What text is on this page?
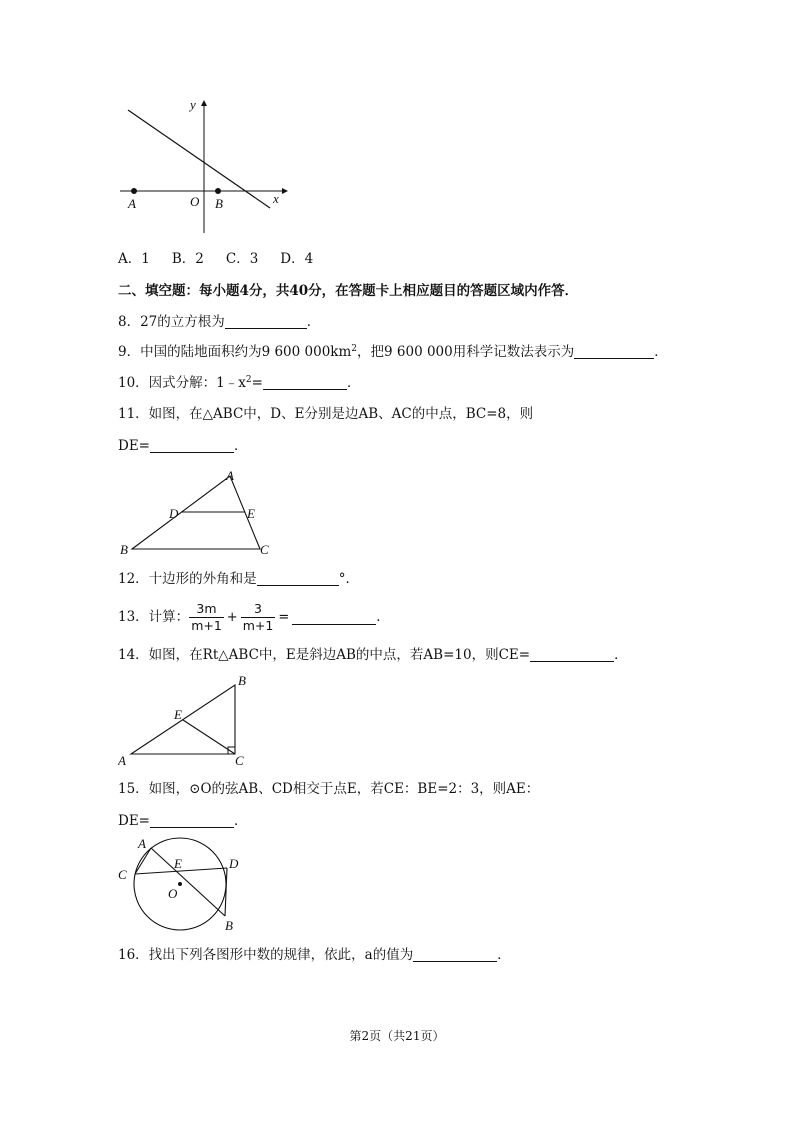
y
x
O
A	B
A．1 B．2 C．3 D．4
二、填空题：每小题4分，共40分，在答题卡上相应题目的答题区域内作答．
8．27的立方根为	．
9．中国的陆地面积约为9 600 $000km^2$，把9 600 000用科学记数法表示为	．
10．因式分解：$1﹣x^2=$	．
11．如图，在△ABC中，D、E分别是边AB、AC的中点，BC=8，则
DE=	．
A
B	C
D	E
12．十边形的外角和是	°．
13．计算： $\frac{3m}{m+1} + \frac{3}{m+1}$ =	．
14．如图，在Rt△ABC中，E是斜边AB的中点，若AB=10，则CE=	．
A
B
C
E
15．如图，⊙O的弦AB、CD相交于点E，若CE：BE=2：3，则AE：
DE=	．
A
B
C
D
E
O
16．找出下列各图形中数的规律，依此，a的值为	．
第2页（共21页）
